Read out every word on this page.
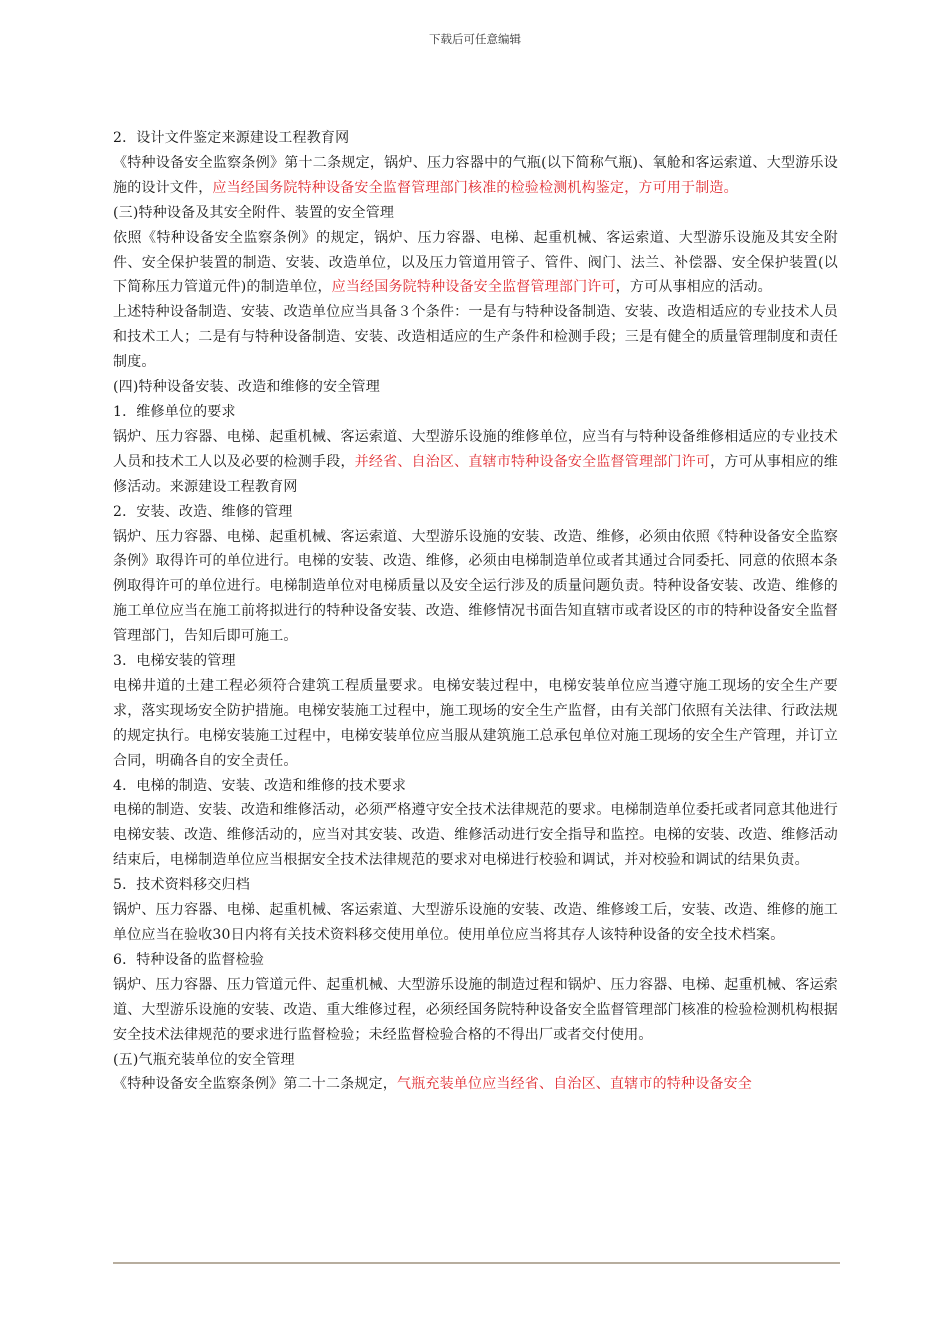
下载后可任意编辑

2．设计文件鉴定来源建设工程教育网

《特种设备安全监察条例》第十二条规定，锅炉、压力容器中的气瓶(以下简称气瓶)、氧舱和客运索道、大型游乐设施的设计文件，应当经国务院特种设备安全监督管理部门核准的检验检测机构鉴定，方可用于制造。

(三)特种设备及其安全附件、装置的安全管理

依照《特种设备安全监察条例》的规定，锅炉、压力容器、电梯、起重机械、客运索道、大型游乐设施及其安全附件、安全保护装置的制造、安装、改造单位，以及压力管道用管子、管件、阀门、法兰、补偿器、安全保护装置(以下简称压力管道元件)的制造单位，应当经国务院特种设备安全监督管理部门许可，方可从事相应的活动。

上述特种设备制造、安装、改造单位应当具备３个条件：一是有与特种设备制造、安装、改造相适应的专业技术人员和技术工人；二是有与特种设备制造、安装、改造相适应的生产条件和检测手段；三是有健全的质量管理制度和责任制度。

(四)特种设备安装、改造和维修的安全管理

1．维修单位的要求

锅炉、压力容器、电梯、起重机械、客运索道、大型游乐设施的维修单位，应当有与特种设备维修相适应的专业技术人员和技术工人以及必要的检测手段，并经省、自治区、直辖市特种设备安全监督管理部门许可，方可从事相应的维修活动。来源建设工程教育网

2．安装、改造、维修的管理

锅炉、压力容器、电梯、起重机械、客运索道、大型游乐设施的安装、改造、维修，必须由依照《特种设备安全监察条例》取得许可的单位进行。电梯的安装、改造、维修，必须由电梯制造单位或者其通过合同委托、同意的依照本条例取得许可的单位进行。电梯制造单位对电梯质量以及安全运行涉及的质量问题负责。特种设备安装、改造、维修的施工单位应当在施工前将拟进行的特种设备安装、改造、维修情况书面告知直辖市或者设区的市的特种设备安全监督管理部门，告知后即可施工。

3．电梯安装的管理

电梯井道的土建工程必须符合建筑工程质量要求。电梯安装过程中，电梯安装单位应当遵守施工现场的安全生产要求，落实现场安全防护措施。电梯安装施工过程中，施工现场的安全生产监督，由有关部门依照有关法律、行政法规的规定执行。电梯安装施工过程中，电梯安装单位应当服从建筑施工总承包单位对施工现场的安全生产管理，并订立合同，明确各自的安全责任。

4．电梯的制造、安装、改造和维修的技术要求

电梯的制造、安装、改造和维修活动，必须严格遵守安全技术法律规范的要求。电梯制造单位委托或者同意其他进行电梯安装、改造、维修活动的，应当对其安装、改造、维修活动进行安全指导和监控。电梯的安装、改造、维修活动结束后，电梯制造单位应当根据安全技术法律规范的要求对电梯进行校验和调试，并对校验和调试的结果负责。

5．技术资料移交归档

锅炉、压力容器、电梯、起重机械、客运索道、大型游乐设施的安装、改造、维修竣工后，安装、改造、维修的施工单位应当在验收30日内将有关技术资料移交使用单位。使用单位应当将其存人该特种设备的安全技术档案。

6．特种设备的监督检验

锅炉、压力容器、压力管道元件、起重机械、大型游乐设施的制造过程和锅炉、压力容器、电梯、起重机械、客运索道、大型游乐设施的安装、改造、重大维修过程，必须经国务院特种设备安全监督管理部门核准的检验检测机构根据安全技术法律规范的要求进行监督检验；未经监督检验合格的不得出厂或者交付使用。

(五)气瓶充装单位的安全管理

《特种设备安全监察条例》第二十二条规定，气瓶充装单位应当经省、自治区、直辖市的特种设备安全
